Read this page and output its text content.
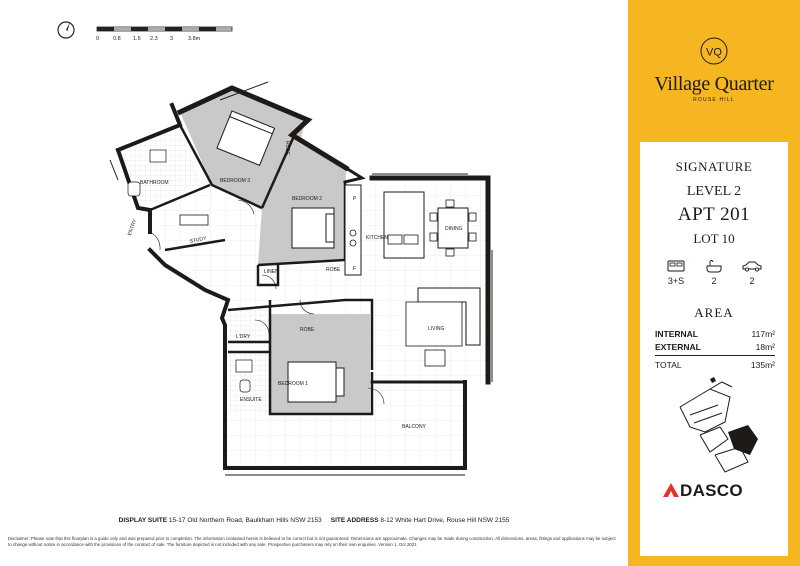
0	0.8 1.5 2.3 3	3.8m
BATHROOM	BEDROOM 3
BEDROOM 2
BEDROOM 1
ROBE
ROBE
ROBE
ENTRY
STUDY	KITCHEN
DINING
LIVING
LINEN
L'DRY
ENSUITE
BALCONY
P
F
DISPLAY SUITE 15-17 Old Northern Road, Baulkham Hills NSW 2153 SITE ADDRESS 8-12 White Hart Drive, Rouse Hill NSW 2155
Disclaimer: Please note that this floorplan is a guide only and was prepared prior to completion. The information contained herein is believed to be correct but is not guaranteed. Dimensions are approximate. Changes may be made during construction. All dimensions, areas, fittings and applications may be subject to change without notice in accordance with the provisions of the contract of sale. The furniture depicted is not included with any sale. Prospective purchasers may rely on their own enquiries. Version 1. Oct 2021
VQ
Village Quarter
ROUSE HILL
SIGNATURE
LEVEL 2
APT 201
LOT 10
3+S	2	2
AREA
INTERNAL	117m²
EXTERNAL	18m²
TOTAL	135m²
DASCO
